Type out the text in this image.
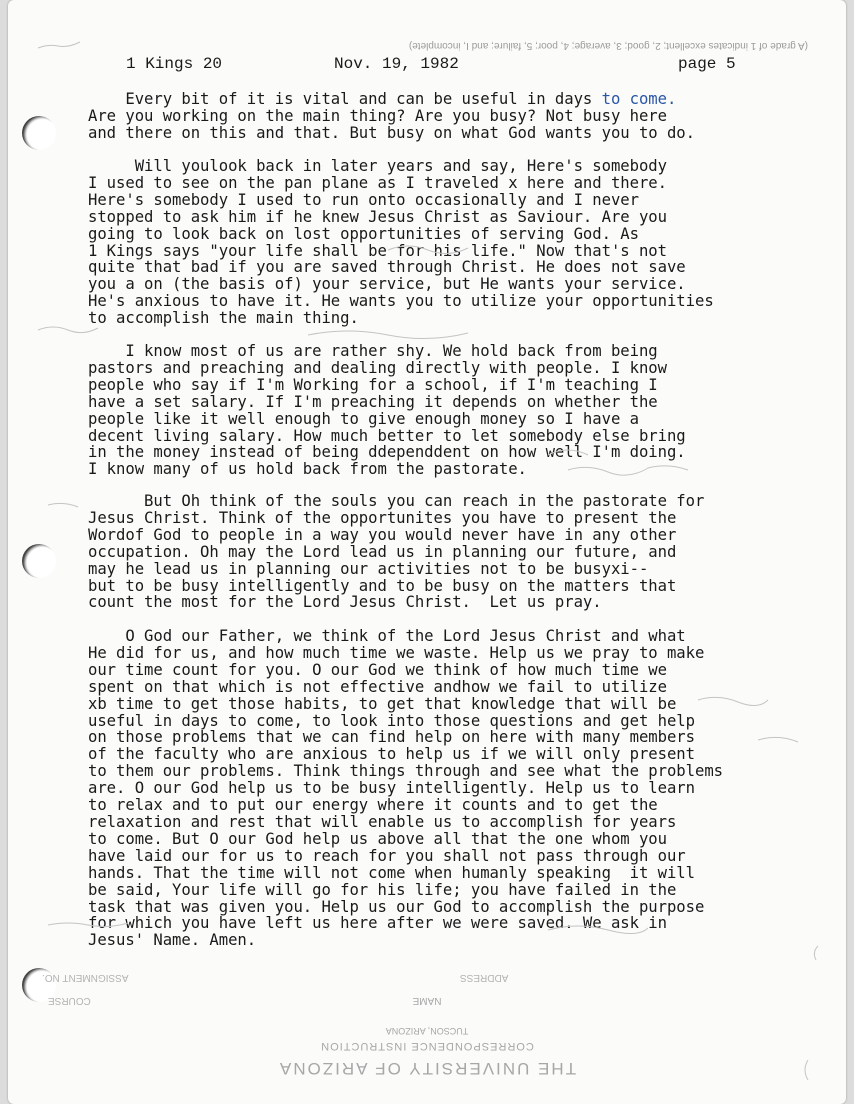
(A grade of 1 indicates excellent; 2, good; 3, average; 4, poor; 5, failure; and I, incomplete)
1 Kings 20	Nov. 19, 1982	page 5
Every bit of it is vital and can be useful in days to come.
Are you working on the main thing? Are you busy? Not busy here
and there on this and that. But busy on what God wants you to do.
Will youlook back in later years and say, Here's somebody
I used to see on the pan plane as I traveled x here and there.
Here's somebody I used to run onto occasionally and I never
stopped to ask him if he knew Jesus Christ as Saviour. Are you
going to look back on lost opportunities of serving God. As
1 Kings says "your life shall be for his life." Now that's not
quite that bad if you are saved through Christ. He does not save
you a on (the basis of) your service, but He wants your service.
He's anxious to have it. He wants you to utilize your opportunities
to accomplish the main thing.
I know most of us are rather shy. We hold back from being
pastors and preaching and dealing directly with people. I know
people who say if I'm Working for a school, if I'm teaching I
have a set salary. If I'm preaching it depends on whether the
people like it well enough to give enough money so I have a
decent living salary. How much better to let somebody else bring
in the money instead of being ddependdent on how well I'm doing.
I know many of us hold back from the pastorate.
But Oh think of the souls you can reach in the pastorate for
Jesus Christ. Think of the opportunites you have to present the
Wordof God to people in a way you would never have in any other
occupation. Oh may the Lord lead us in planning our future, and
may he lead us in planning our activities not to be busyxi--
but to be busy intelligently and to be busy on the matters that
count the most for the Lord Jesus Christ.  Let us pray.
O God our Father, we think of the Lord Jesus Christ and what
He did for us, and how much time we waste. Help us we pray to make
our time count for you. O our God we think of how much time we
spent on that which is not effective andhow we fail to utilize
xb time to get those habits, to get that knowledge that will be
useful in days to come, to look into those questions and get help
on those problems that we can find help on here with many members
of the faculty who are anxious to help us if we will only present
to them our problems. Think things through and see what the problems
are. O our God help us to be busy intelligently. Help us to learn
to relax and to put our energy where it counts and to get the
relaxation and rest that will enable us to accomplish for years
to come. But O our God help us above all that the one whom you
have laid our for us to reach for you shall not pass through our
hands. That the time will not come when humanly speaking  it will
be said, Your life will go for his life; you have failed in the
task that was given you. Help us our God to accomplish the purpose
for which you have left us here after we were saved. We ask in
Jesus' Name. Amen.
THE UNIVERSITY OF ARIZONA
CORRESPONDENCE INSTRUCTION
TUCSON, ARIZONA
NAME
ADDRESS
ASSIGNMENT NO.
COURSE
